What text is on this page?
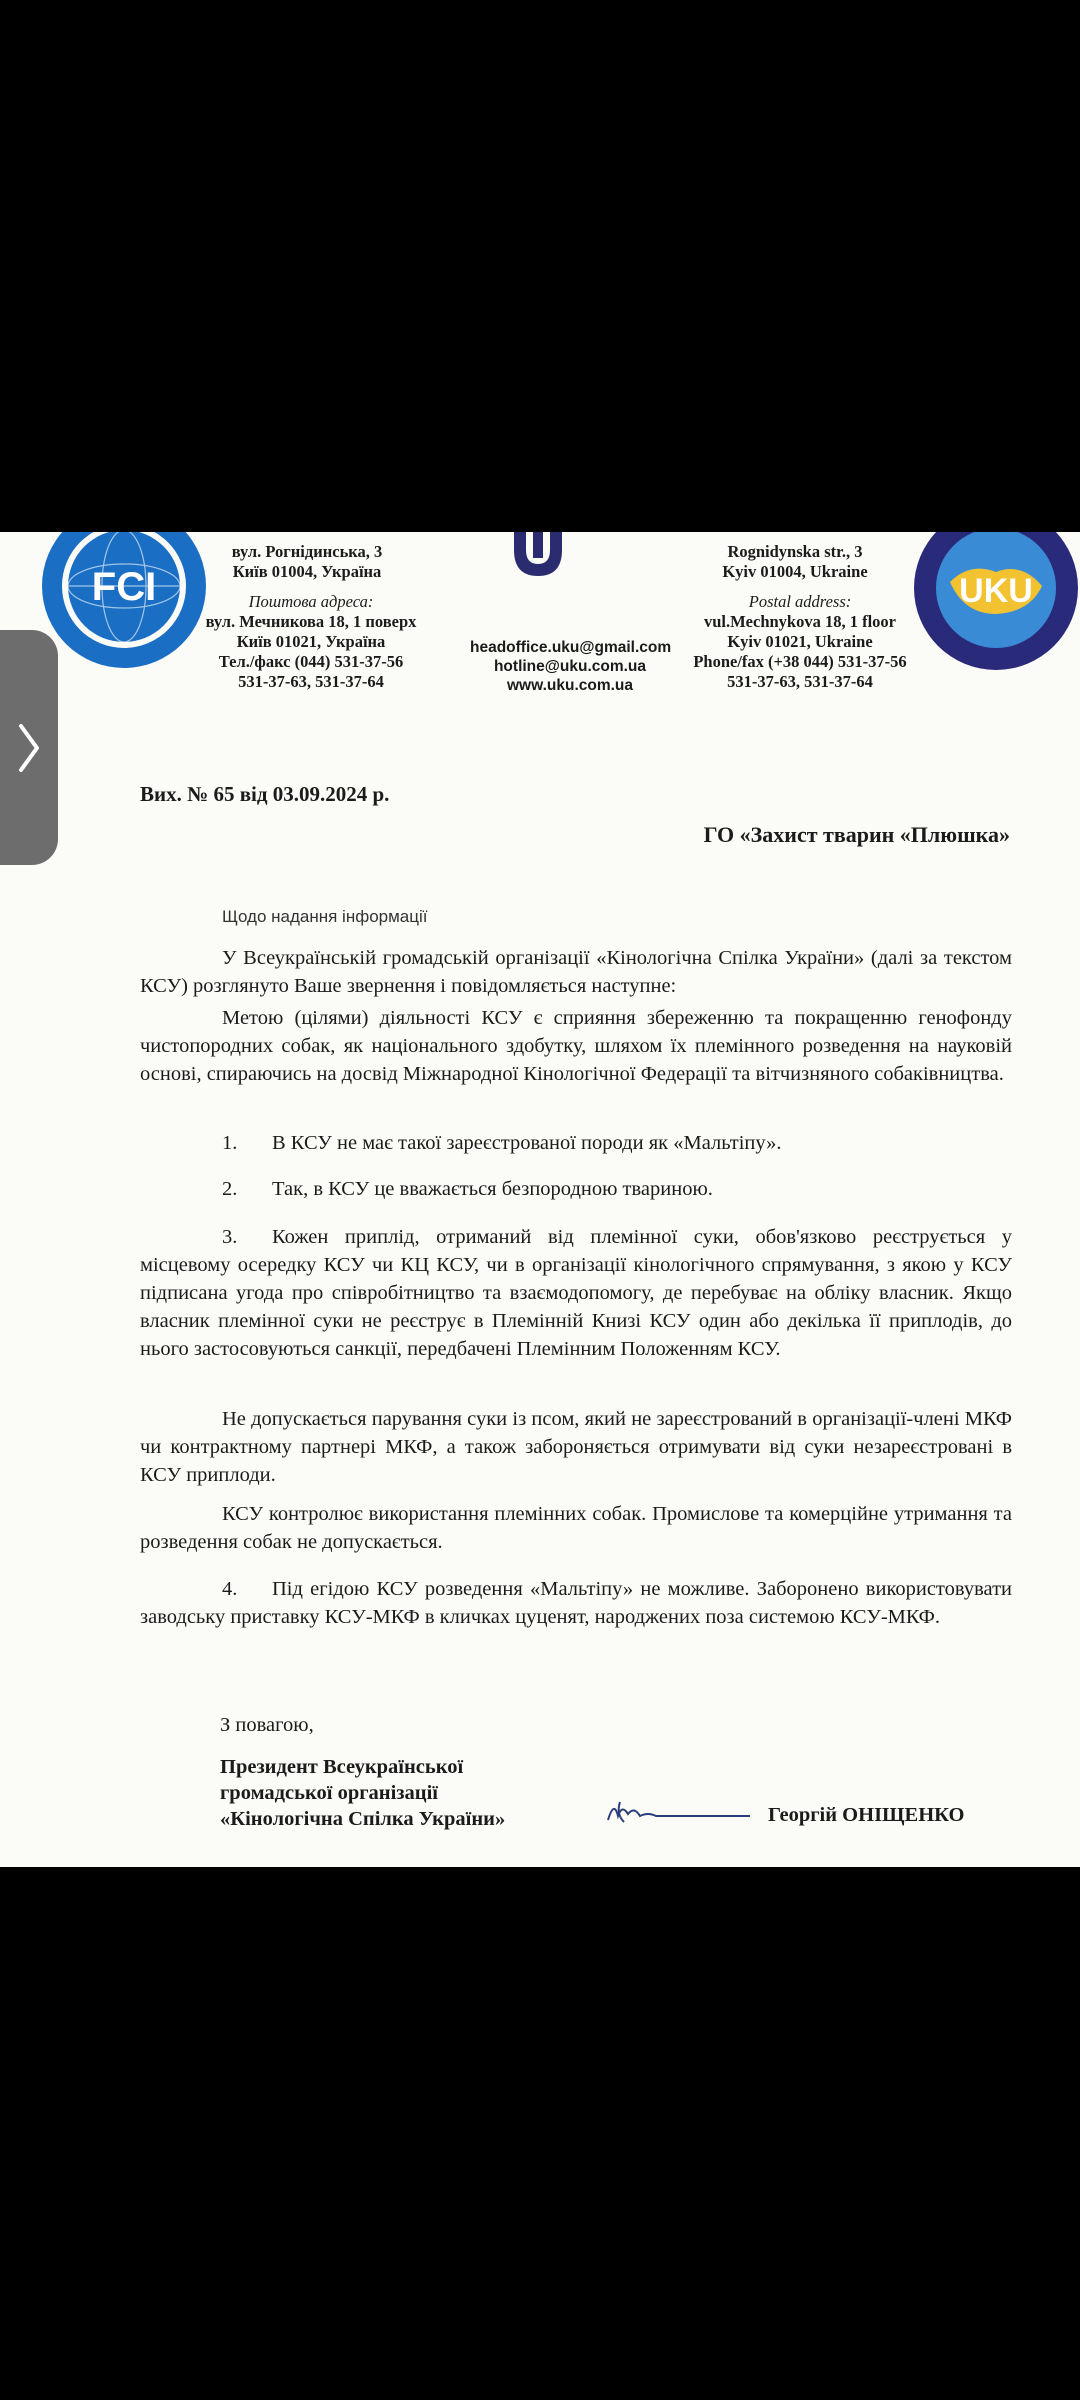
FCI	UKU
вул. Рогнідинська, 3
Київ 01004, Україна
Поштова адреса:
вул. Мечникова 18, 1 поверх
Київ 01021, Україна
Тел./факс (044) 531-37-56
531-37-63, 531-37-64
headoffice.uku@gmail.com
hotline@uku.com.ua
www.uku.com.ua
Rognidynska str., 3
Kyiv 01004, Ukraine
Postal address:
vul.Mechnykova 18, 1 floor
Kyiv 01021, Ukraine
Phone/fax (+38 044) 531-37-56
531-37-63, 531-37-64
Вих. № 65 від 03.09.2024 р.
ГО «Захист тварин «Плюшка»
Щодо надання інформації
У Всеукраїнській громадській організації «Кінологічна Спілка України» (далі за текстом КСУ) розглянуто Ваше звернення і повідомляється наступне:
Метою (цілями) діяльності КСУ є сприяння збереженню та покращенню генофонду чистопородних собак, як національного здобутку, шляхом їх племінного розведення на науковій основі, спираючись на досвід Міжнародної Кінологічної Федерації та вітчизняного собаківництва.
1. В КСУ не має такої зареєстрованої породи як «Мальтіпу».
2. Так, в КСУ це вважається безпородною твариною.
3.	Кожен приплід, отриманий від племінної суки, обов'язково реєструється у місцевому осередку КСУ чи КЦ КСУ, чи в організації кінологічного спрямування, з якою у КСУ підписана угода про співробітництво та взаємодопомогу, де перебуває на обліку власник. Якщо власник племінної суки не реєструє в Племінній Книзі КСУ один або декілька її приплодів, до нього застосовуються санкції, передбачені Племінним Положенням КСУ.
Не допускається парування суки із псом, який не зареєстрований в організації-члені МКФ чи контрактному партнері МКФ, а також забороняється отримувати від суки незареєстровані в КСУ приплоди.
КСУ контролює використання племінних собак. Промислове та комерційне утримання та розведення собак не допускається.
4.	Під егідою КСУ розведення «Мальтіпу» не можливе. Заборонено використовувати заводську приставку КСУ-МКФ в кличках цуценят, народжених поза системою КСУ-МКФ.
З повагою,
Президент Всеукраїнської
громадської організації
«Кінологічна Спілка України»	Георгій ОНІЩЕНКО
